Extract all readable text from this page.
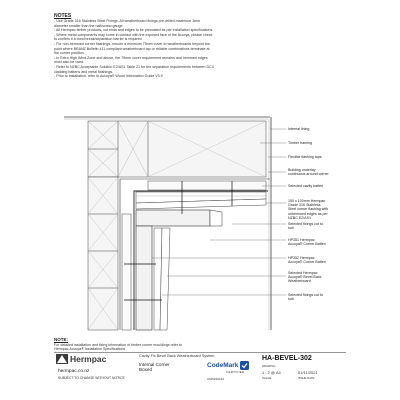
NOTES
- Use Grade 316 Stainless Steel Fixings. All weatherboard fixings pre-drilled maximum 1mm
diameter smaller than the nail/screw gauge.
- All Hermpac timber products, cut ends and edges to be precoated as per installation specifications.
- Where metal components may come in contact with the exposed face of the Accoya, please check
to confirm if a bond break/separation barrier is required.
- For non-hemmed corner flashings, ensure a minimum 75mm cover to weatherboards beyond the
point where BRANZ Bulletin 411 compliant weatherboard tap or reliable combinations terminate at
the corner position.
- In Extra High Wind Zone and above, the 75mm cover requirement remains and hemmed edges
must also be used.
- Refer to NZBC Acceptable Solution E2/AS1 Table 21 for the separation requirements between DC4
cladding battens and metal flashings.
- Prior to installation, refer to Accoya® Wood Information Guide V3.9
Internal lining
Timber framing
Flexible flashing tape
Building underlay
continuous around corner
Selected cavity batten
150 x 100mm Hermpac
Grade 316 Stainless
Steel corner flashing with
unhemmed edges as per
NZBC E2/AS1
Selected fixings cut to
suit
HP351 Hermpac
Accoya® Corner Batten
HP352 Hermpac
Accoya® Corner Batten
Selected Hermpac
Accoya® Bevel Back
Weatherboard
Selected fixings cut to
suit
NOTE:
For detailed installation and fixing information of timber corner mouldings refer to
Hermpac Accoya® Installation Specifications
Hermpac
hermpac.co.nz
SUBJECT TO CHANGE WITHOUT NOTICE
Cavity Fix Bevel Back Weatherboard System
Internal Corner
Boxed
CodeMark
CERTIFIED
CMNZ20146
HA-BEVEL-302
DRAWING
1 : 2 @ A4
SCALE
01/11/2021
ISSUE DATE
